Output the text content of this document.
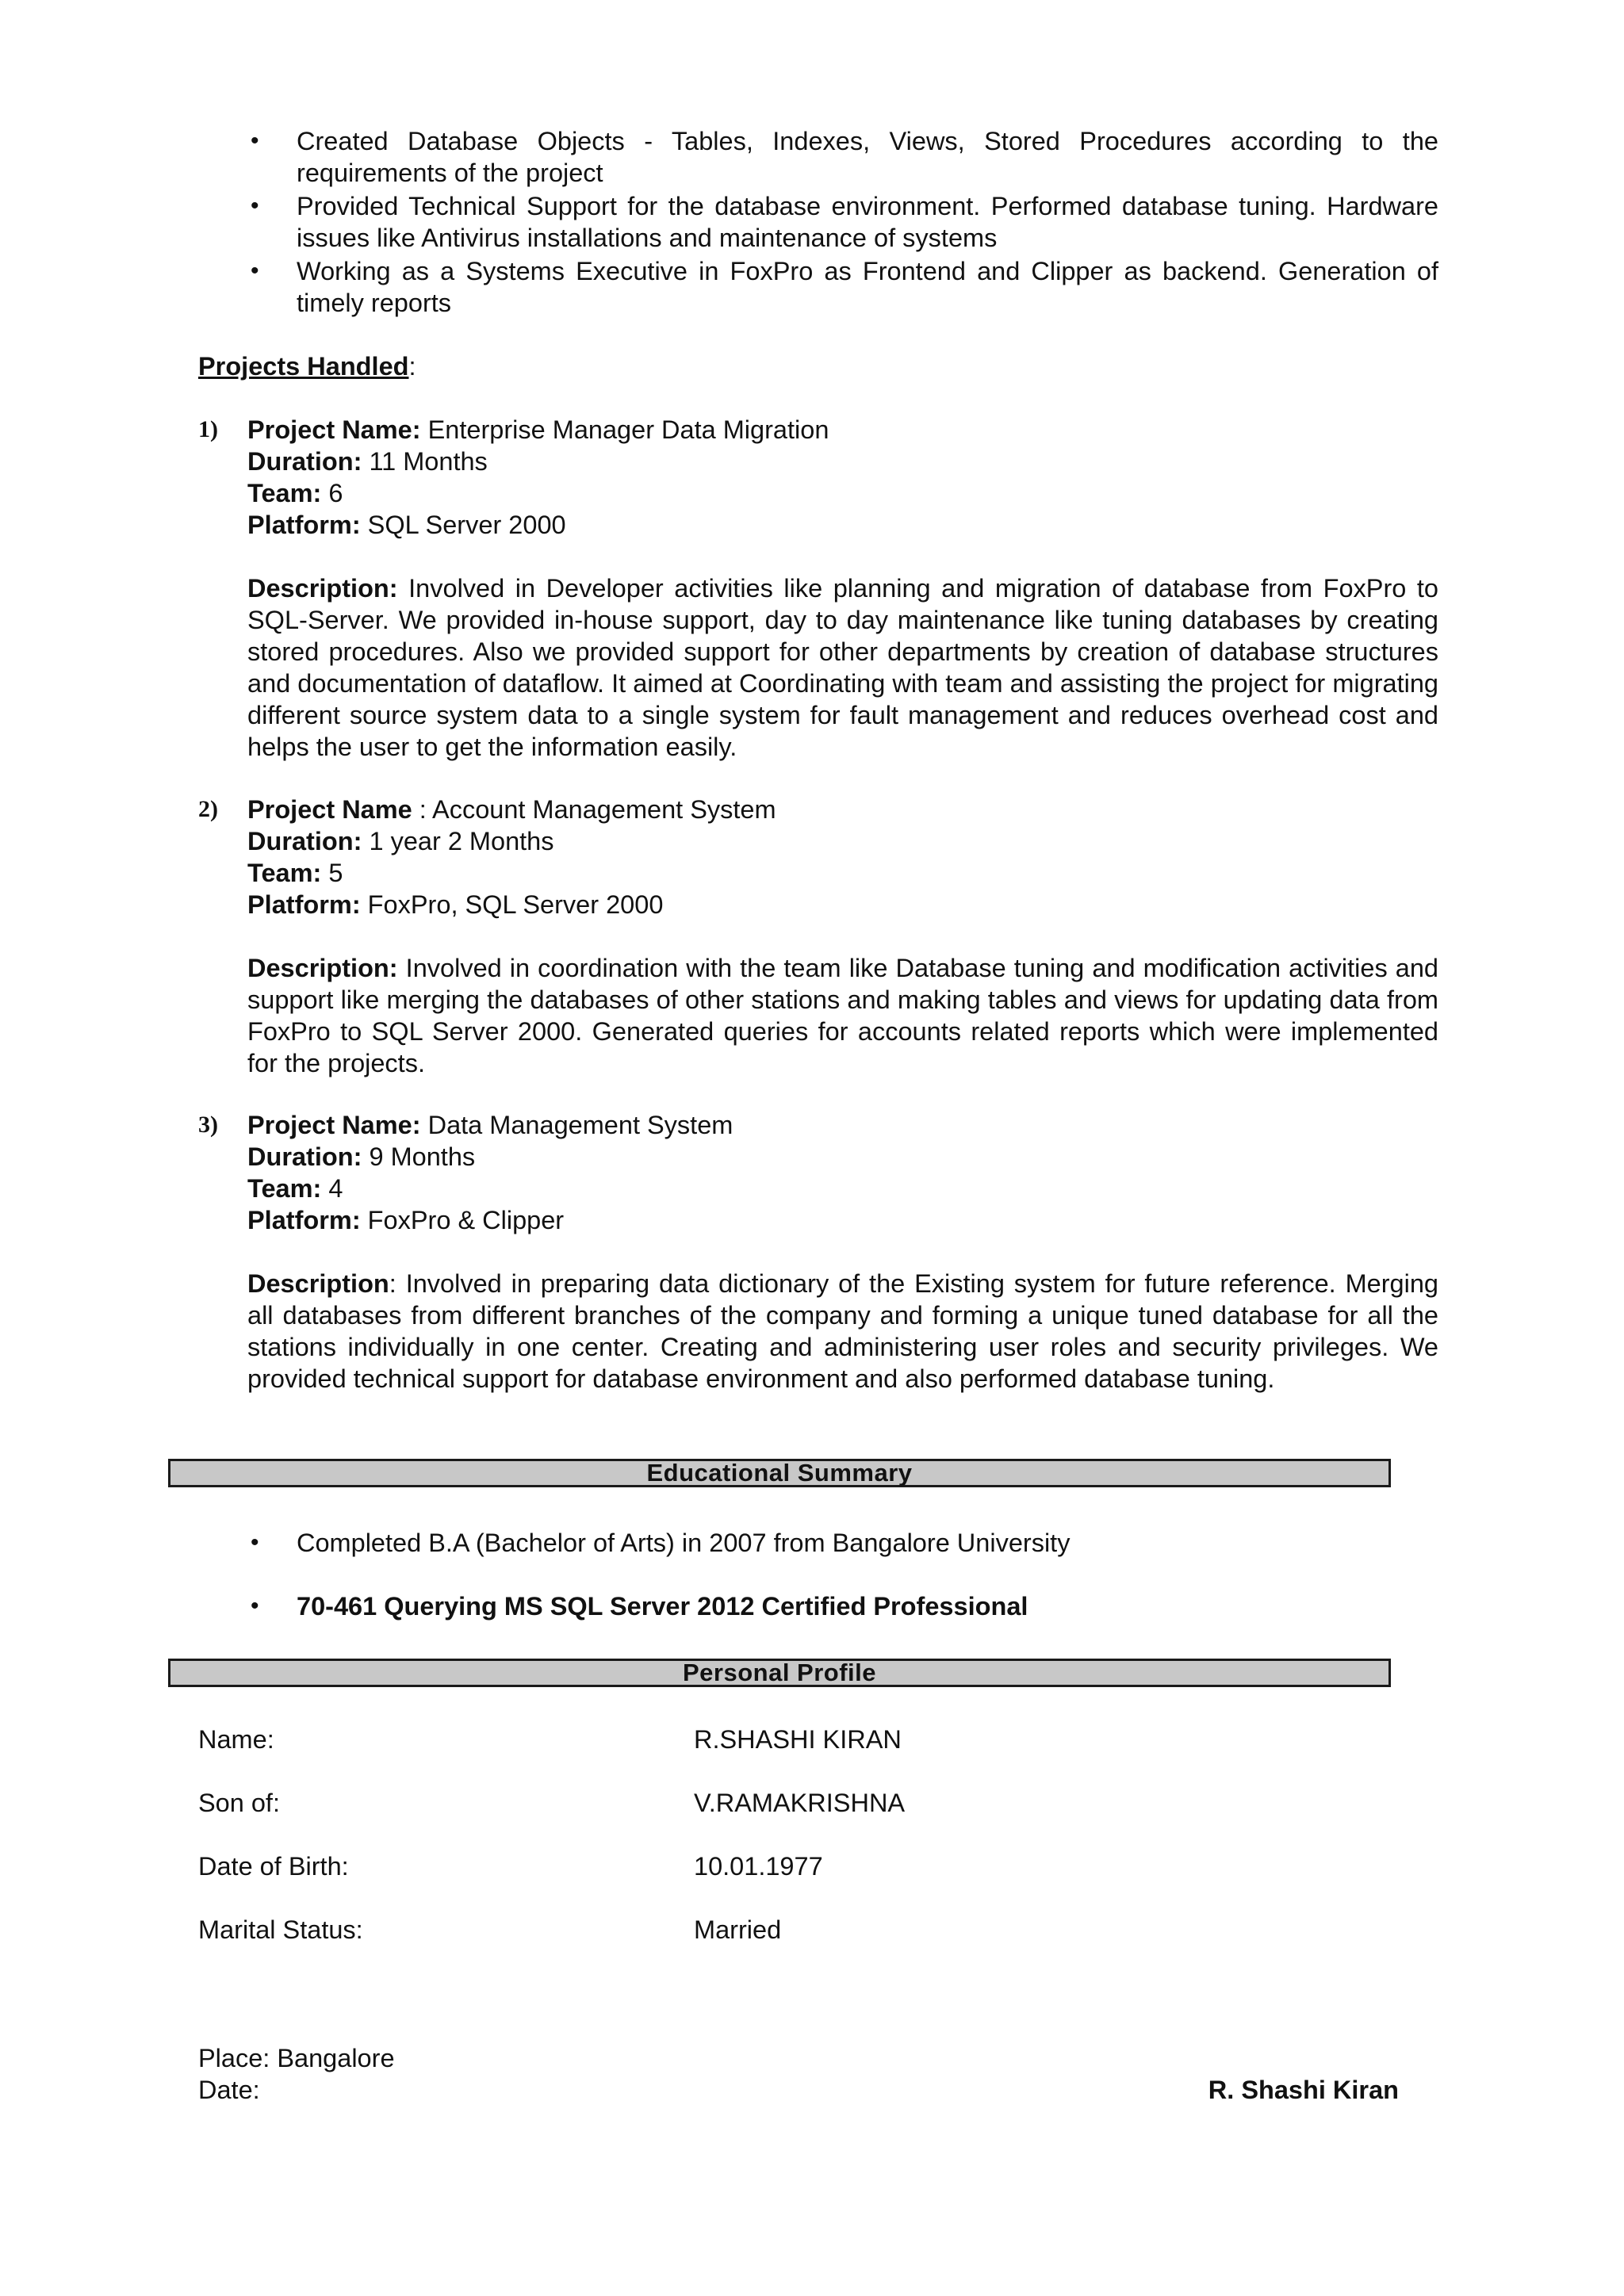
• Created Database Objects - Tables, Indexes, Views, Stored Procedures according to the requirements of the project
• Provided Technical Support for the database environment. Performed database tuning. Hardware issues like Antivirus installations and maintenance of systems
• Working as a Systems Executive in FoxPro as Frontend and Clipper as backend. Generation of timely reports
Projects Handled:
1) Project Name: Enterprise Manager Data Migration
Duration: 11 Months
Team: 6
Platform: SQL Server 2000
Description: Involved in Developer activities like planning and migration of database from FoxPro to SQL-Server. We provided in-house support, day to day maintenance like tuning databases by creating stored procedures. Also we provided support for other departments by creation of database structures and documentation of dataflow. It aimed at Coordinating with team and assisting the project for migrating different source system data to a single system for fault management and reduces overhead cost and helps the user to get the information easily.
2) Project Name : Account Management System
Duration: 1 year 2 Months
Team: 5
Platform: FoxPro, SQL Server 2000
Description: Involved in coordination with the team like Database tuning and modification activities and support like merging the databases of other stations and making tables and views for updating data from FoxPro to SQL Server 2000. Generated queries for accounts related reports which were implemented for the projects.
3) Project Name: Data Management System
Duration: 9 Months
Team: 4
Platform: FoxPro & Clipper
Description: Involved in preparing data dictionary of the Existing system for future reference. Merging all databases from different branches of the company and forming a unique tuned database for all the stations individually in one center. Creating and administering user roles and security privileges. We provided technical support for database environment and also performed database tuning.
Educational Summary
• Completed B.A (Bachelor of Arts) in 2007 from Bangalore University
• 70-461 Querying MS SQL Server 2012 Certified Professional
Personal Profile
Name:	R.SHASHI KIRAN
Son of:	V.RAMAKRISHNA
Date of Birth:	10.01.1977
Marital Status:	Married
Place: Bangalore
Date:	R. Shashi Kiran
